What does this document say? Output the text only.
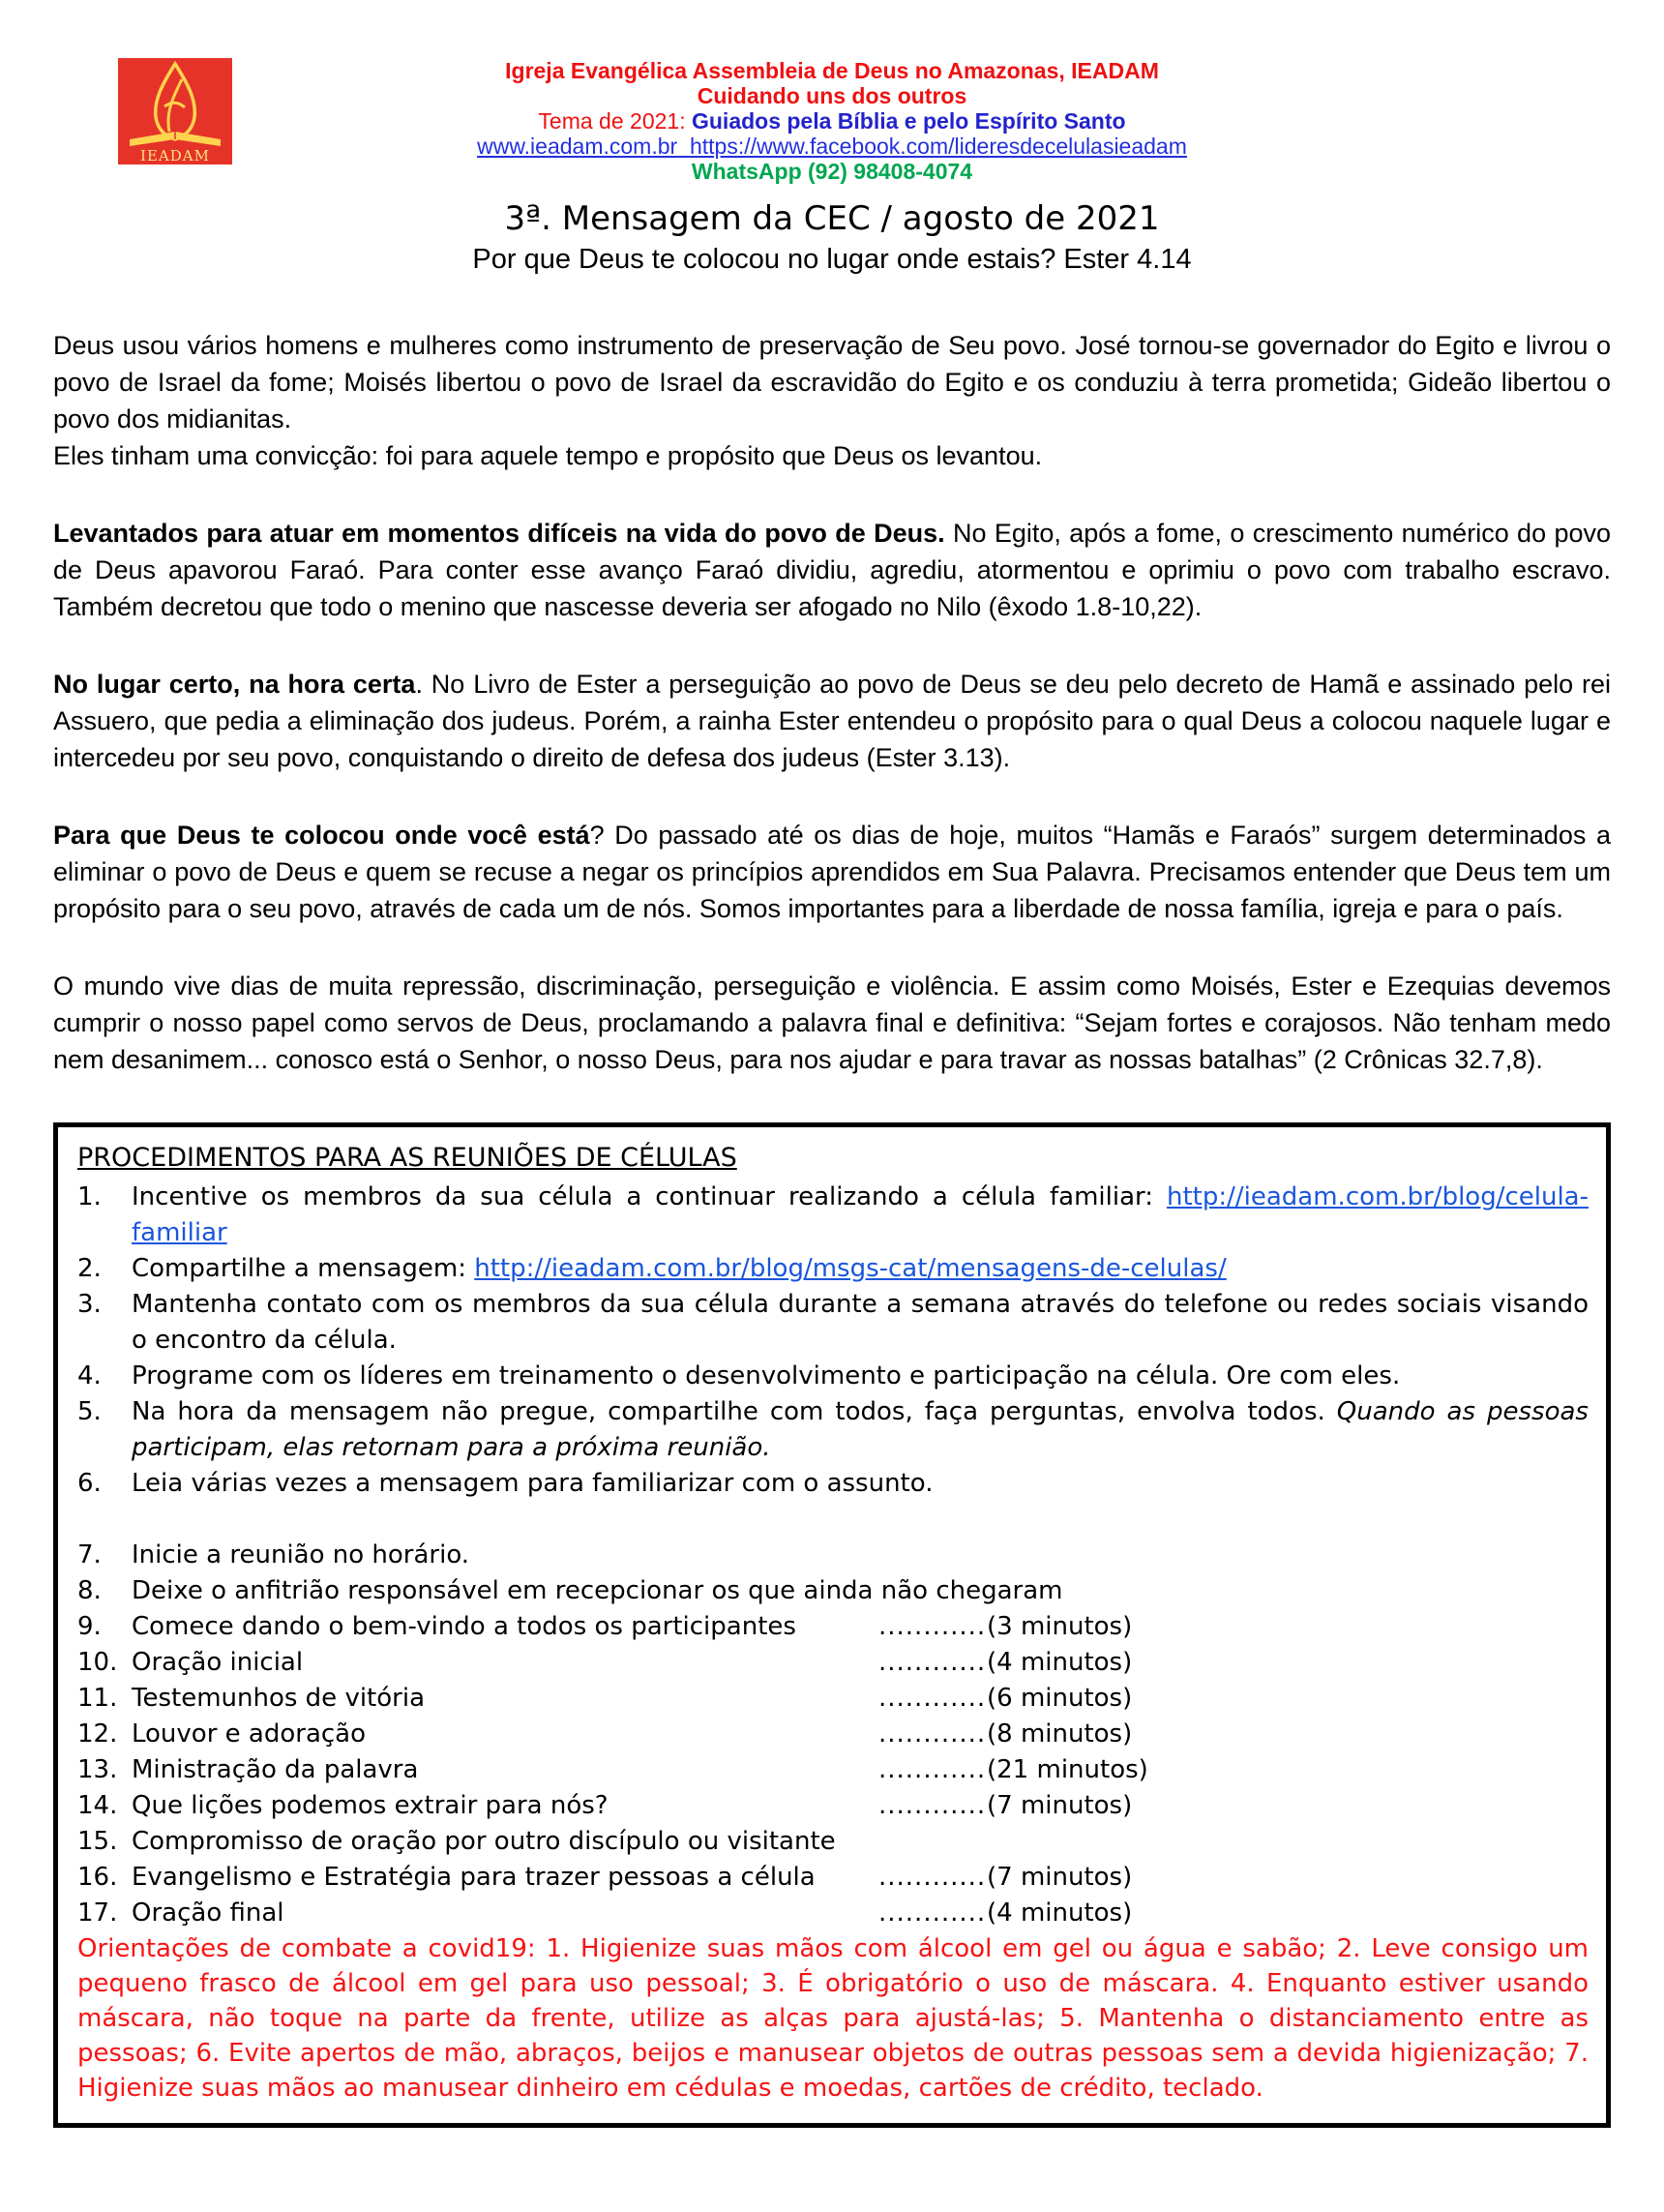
IEADAM
Igreja Evangélica Assembleia de Deus no Amazonas, IEADAM
Cuidando uns dos outros
Tema de 2021: Guiados pela Bíblia e pelo Espírito Santo
www.ieadam.com.br https://www.facebook.com/lideresdecelulasieadam
WhatsApp (92) 98408-4074
3ª. Mensagem da CEC / agosto de 2021
Por que Deus te colocou no lugar onde estais? Ester 4.14
Deus usou vários homens e mulheres como instrumento de preservação de Seu povo. José tornou-se governador do Egito e livrou o povo de Israel da fome; Moisés libertou o povo de Israel da escravidão do Egito e os conduziu à terra prometida; Gideão libertou o povo dos midianitas.
Eles tinham uma convicção: foi para aquele tempo e propósito que Deus os levantou.
Levantados para atuar em momentos difíceis na vida do povo de Deus. No Egito, após a fome, o crescimento numérico do povo de Deus apavorou Faraó. Para conter esse avanço Faraó dividiu, agrediu, atormentou e oprimiu o povo com trabalho escravo. Também decretou que todo o menino que nascesse deveria ser afogado no Nilo (êxodo 1.8-10,22).
No lugar certo, na hora certa. No Livro de Ester a perseguição ao povo de Deus se deu pelo decreto de Hamã e assinado pelo rei Assuero, que pedia a eliminação dos judeus. Porém, a rainha Ester entendeu o propósito para o qual Deus a colocou naquele lugar e intercedeu por seu povo, conquistando o direito de defesa dos judeus (Ester 3.13).
Para que Deus te colocou onde você está? Do passado até os dias de hoje, muitos “Hamãs e Faraós” surgem determinados a eliminar o povo de Deus e quem se recuse a negar os princípios aprendidos em Sua Palavra. Precisamos entender que Deus tem um propósito para o seu povo, através de cada um de nós. Somos importantes para a liberdade de nossa família, igreja e para o país.
O mundo vive dias de muita repressão, discriminação, perseguição e violência. E assim como Moisés, Ester e Ezequias devemos cumprir o nosso papel como servos de Deus, proclamando a palavra final e definitiva: “Sejam fortes e corajosos. Não tenham medo nem desanimem... conosco está o Senhor, o nosso Deus, para nos ajudar e para travar as nossas batalhas” (2 Crônicas 32.7,8).
PROCEDIMENTOS PARA AS REUNIÕES DE CÉLULAS
1.	Incentive os membros da sua célula a continuar realizando a célula familiar: http://ieadam.com.br/blog/celula-familiar
2.	Compartilhe a mensagem: http://ieadam.com.br/blog/msgs-cat/mensagens-de-celulas/
3.	Mantenha contato com os membros da sua célula durante a semana através do telefone ou redes sociais visando o encontro da célula.
4.	Programe com os líderes em treinamento o desenvolvimento e participação na célula. Ore com eles.
5.	Na hora da mensagem não pregue, compartilhe com todos, faça perguntas, envolva todos. Quando as pessoas participam, elas retornam para a próxima reunião.
6.	Leia várias vezes a mensagem para familiarizar com o assunto.
7.	Inicie a reunião no horário.
8.	Deixe o anfitrião responsável em recepcionar os que ainda não chegaram
9.	Comece dando o bem-vindo a todos os participantes	............ (3 minutos)
10. Oração inicial	............ (4 minutos)
11. Testemunhos de vitória	............ (6 minutos)
12. Louvor e adoração	............ (8 minutos)
13. Ministração da palavra	............ (21 minutos)
14. Que lições podemos extrair para nós?	............ (7 minutos)
15. Compromisso de oração por outro discípulo ou visitante
16. Evangelismo e Estratégia para trazer pessoas a célula	............ (7 minutos)
17. Oração final	............ (4 minutos)
Orientações de combate a covid19: 1. Higienize suas mãos com álcool em gel ou água e sabão; 2. Leve consigo um pequeno frasco de álcool em gel para uso pessoal; 3. É obrigatório o uso de máscara. 4. Enquanto estiver usando máscara, não toque na parte da frente, utilize as alças para ajustá-las; 5. Mantenha o distanciamento entre as pessoas; 6. Evite apertos de mão, abraços, beijos e manusear objetos de outras pessoas sem a devida higienização; 7. Higienize suas mãos ao manusear dinheiro em cédulas e moedas, cartões de crédito, teclado.
